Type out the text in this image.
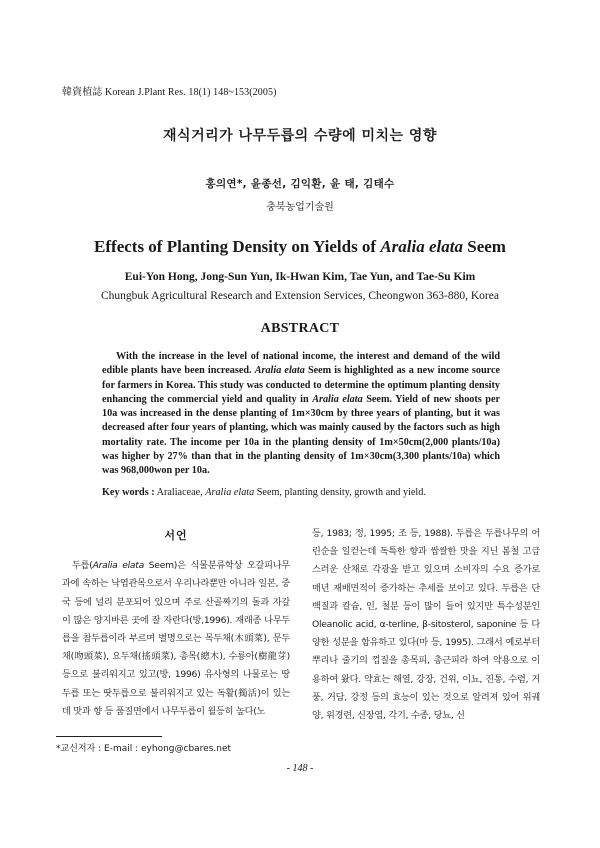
韓資植誌 Korean J.Plant Res. 18(1) 148~153(2005)
재식거리가 나무두릅의 수량에 미치는 영향
홍의연*, 윤종선, 김익환, 윤 태, 김태수
충북농업기술원
Effects of Planting Density on Yields of Aralia elata Seem
Eui-Yon Hong, Jong-Sun Yun, Ik-Hwan Kim, Tae Yun, and Tae-Su Kim
Chungbuk Agricultural Research and Extension Services, Cheongwon 363-880, Korea
ABSTRACT
With the increase in the level of national income, the interest and demand of the wild edible plants have been increased. Aralia elata Seem is highlighted as a new income source for farmers in Korea. This study was conducted to determine the optimum planting density enhancing the commercial yield and quality in Aralia elata Seem. Yield of new shoots per 10a was increased in the dense planting of 1m×30cm by three years of planting, but it was decreased after four years of planting, which was mainly caused by the factors such as high mortality rate. The income per 10a in the planting density of 1m×50cm(2,000 plants/10a) was higher by 27% than that in the planting density of 1m×30cm(3,300 plants/10a) which was 968,000won per 10a.
Key words : Araliaceae, Aralia elata Seem, planting density, growth and yield.
서언

두릅(Aralia elata Seem)은 식물분류학상 오갈피나무과에 속하는 낙엽관목으로서 우리나라뿐만 아니라 일본, 중국 등에 널리 분포되어 있으며 주로 산골짜기의 돌과 자갈이 많은 양지바른 곳에 잘 자란다(방,1996). 재래종 나무두릅을 참두릅이라 부르며 별명으로는 목두채(木頭菜), 문두채(吻頭菜), 요두채(搖頭菜), 총목(總木), 수룡아(樹龍芽) 등으로 불리워지고 있고(방, 1996) 유사형의 나물로는 땅두릅 또는 땃두릅으로 불리워지고 있는 독활(獨活)이 있는데 맛과 향 등 품질면에서 나무두릅이 월등히 높다(노

등, 1983; 정, 1995; 조 등, 1988). 두릅은 두릅나무의 어린순을 일컫는데 독특한 향과 쌉쌀한 맛을 지닌 봄철 고급스러운 산채로 각광을 받고 있으며 소비자의 수요 증가로 매년 재배면적이 증가하는 추세를 보이고 있다. 두릅은 단백질과 칼슘, 인, 철분 등이 많이 들어 있지만 특수성분인 Oleanolic acid, α-terline, β-sitosterol, saponine 등 다양한 성분을 함유하고 있다(마 등, 1995). 그래서 예로부터 뿌리나 줄기의 껍질을 총목피, 총근피라 하여 약용으로 이용하여 왔다. 약효는 해열, 강장, 건위, 이뇨, 진통, 수렴, 거풍, 거담, 강정 등의 효능이 있는 것으로 알려져 있어 위궤양, 위경련, 신장염, 각기, 수종, 당뇨, 신

*교신저자 : E-mail : eyhong@cbares.net
- 148 -
